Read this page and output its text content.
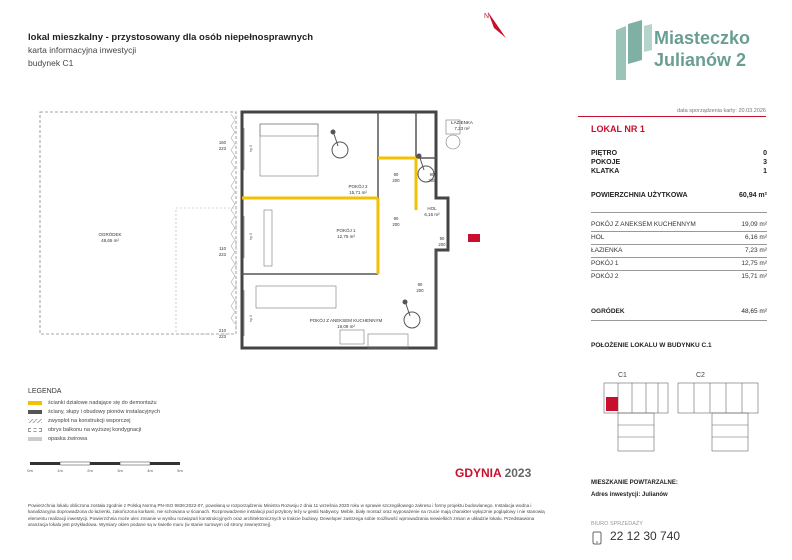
lokal mieszkalny - przystosowany dla osób niepełnosprawnych
karta informacyjna inwestycji
budynek C1
N
Miasteczko
Julianów 2
data sporządzenia karty: 20.03.2026
LOKAL NR 1
PIĘTRO	0
POKOJE	3
KLATKA	1
POWIERZCHNIA UŻYTKOWA	60,94 m²
POKÓJ Z ANEKSEM KUCHENNYM	19,09 m²
HOL	6,16 m²
ŁAZIENKA	7,23 m²
POKÓJ 1	12,75 m²
POKÓJ 2	15,71 m²
OGRÓDEK	48,65 m²
POŁOŻENIE LOKALU W BUDYNKU C.1
C1	C2
MIESZKANIE POWTARZALNE:
Adres inwestycji: Julianów
BIURO SPRZEDAŻY
22 12 30 740
GDYNIA 2023
OGRÓDEK
48,65 m²
ŁAZIENKA
7,23 m²
POKÓJ 2
15,71 m²
HOL
6,16 m²
POKÓJ 1
12,75 m²
POKÓJ Z ANEKSEM KUCHENNYM
19,09 m²
160
223
110
223
210
223
hp 0
hp 0
hp 0
90
200
90
200
90
200
90
200
90
200
LEGENDA
ścianki działowe nadające się do demontażu
ściany, słupy i obudowy pionów instalacyjnych
zwyoplot na konstrukcji wsporczej
obrys balkonu na wyższej kondygnacji
opaska żwirowa
0m	1m	2m	3m	4m	5m
Powierzchnia lokalu obliczona została zgodnie z Polską Normą PN-ISO 9836:2022-07, powołaną w rozporządzeniu Ministra Rozwoju z dnia 11 września 2020 roku w sprawie szczegółowego zakresu i formy projektu budowlanego. Instalacja wodna i kanalizacyjna doprowadzona do łazienki, zakończona korkami, nie schowana w ścianach. Rozprowadzenie instalacji pod przybory leży w gestii Nabywcy. Meble, biały montaż oraz wyposażenie na rzucie mają charakter wyłącznie poglądowy i nie stanowią elementu realizacji inwestycji. Powierzchnia może ulec zmianie w wyniku rozwiązań konstrukcyjnych oraz architektonicznych w trakcie budowy. Deweloper zastrzega sobie możliwość wprowadzania niewielkich zmian w układzie lokalu. Przedstawiona aranżacja lokalu jest przykładowa. Wymiary okien podane są w świetle muru (w stanie surowym od strony zewnętrznej).
